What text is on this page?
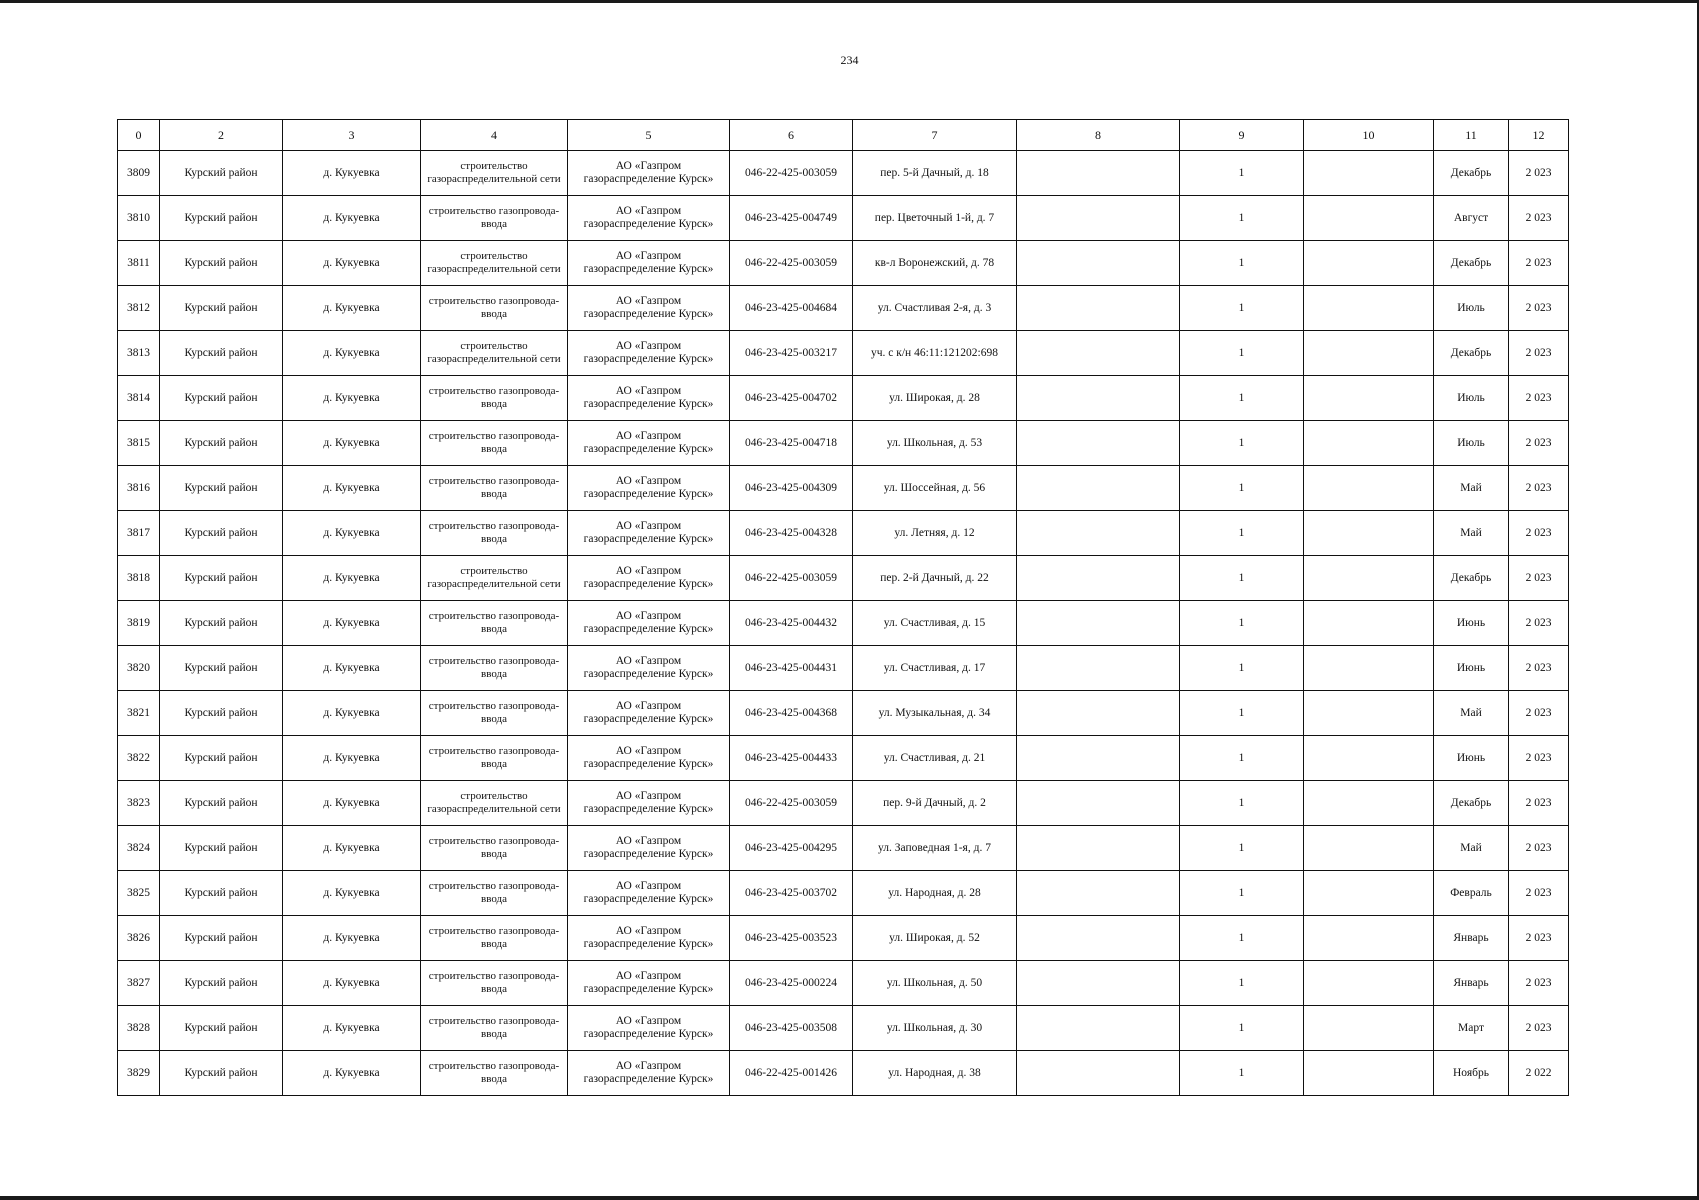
234
0	2	3	4	5	6	7	8	9	10	11	12
3809	Курский район	д. Кукуевка	строительство газораспределительной сети	АО «Газпром газораспределение Курск»	046-22-425-003059	пер. 5-й Дачный, д. 18		1		Декабрь	2 023
3810	Курский район	д. Кукуевка	строительство газопровода-ввода	АО «Газпром газораспределение Курск»	046-23-425-004749	пер. Цветочный 1-й, д. 7		1		Август	2 023
3811	Курский район	д. Кукуевка	строительство газораспределительной сети	АО «Газпром газораспределение Курск»	046-22-425-003059	кв-л Воронежский, д. 78		1		Декабрь	2 023
3812	Курский район	д. Кукуевка	строительство газопровода-ввода	АО «Газпром газораспределение Курск»	046-23-425-004684	ул. Счастливая 2-я, д. 3		1		Июль	2 023
3813	Курский район	д. Кукуевка	строительство газораспределительной сети	АО «Газпром газораспределение Курск»	046-23-425-003217	уч. с к/н 46:11:121202:698		1		Декабрь	2 023
3814	Курский район	д. Кукуевка	строительство газопровода-ввода	АО «Газпром газораспределение Курск»	046-23-425-004702	ул. Широкая, д. 28		1		Июль	2 023
3815	Курский район	д. Кукуевка	строительство газопровода-ввода	АО «Газпром газораспределение Курск»	046-23-425-004718	ул. Школьная, д. 53		1		Июль	2 023
3816	Курский район	д. Кукуевка	строительство газопровода-ввода	АО «Газпром газораспределение Курск»	046-23-425-004309	ул. Шоссейная, д. 56		1		Май	2 023
3817	Курский район	д. Кукуевка	строительство газопровода-ввода	АО «Газпром газораспределение Курск»	046-23-425-004328	ул. Летняя, д. 12		1		Май	2 023
3818	Курский район	д. Кукуевка	строительство газораспределительной сети	АО «Газпром газораспределение Курск»	046-22-425-003059	пер. 2-й Дачный, д. 22		1		Декабрь	2 023
3819	Курский район	д. Кукуевка	строительство газопровода-ввода	АО «Газпром газораспределение Курск»	046-23-425-004432	ул. Счастливая, д. 15		1		Июнь	2 023
3820	Курский район	д. Кукуевка	строительство газопровода-ввода	АО «Газпром газораспределение Курск»	046-23-425-004431	ул. Счастливая, д. 17		1		Июнь	2 023
3821	Курский район	д. Кукуевка	строительство газопровода-ввода	АО «Газпром газораспределение Курск»	046-23-425-004368	ул. Музыкальная, д. 34		1		Май	2 023
3822	Курский район	д. Кукуевка	строительство газопровода-ввода	АО «Газпром газораспределение Курск»	046-23-425-004433	ул. Счастливая, д. 21		1		Июнь	2 023
3823	Курский район	д. Кукуевка	строительство газораспределительной сети	АО «Газпром газораспределение Курск»	046-22-425-003059	пер. 9-й Дачный, д. 2		1		Декабрь	2 023
3824	Курский район	д. Кукуевка	строительство газопровода-ввода	АО «Газпром газораспределение Курск»	046-23-425-004295	ул. Заповедная 1-я, д. 7		1		Май	2 023
3825	Курский район	д. Кукуевка	строительство газопровода-ввода	АО «Газпром газораспределение Курск»	046-23-425-003702	ул. Народная, д. 28		1		Февраль	2 023
3826	Курский район	д. Кукуевка	строительство газопровода-ввода	АО «Газпром газораспределение Курск»	046-23-425-003523	ул. Широкая, д. 52		1		Январь	2 023
3827	Курский район	д. Кукуевка	строительство газопровода-ввода	АО «Газпром газораспределение Курск»	046-23-425-000224	ул. Школьная, д. 50		1		Январь	2 023
3828	Курский район	д. Кукуевка	строительство газопровода-ввода	АО «Газпром газораспределение Курск»	046-23-425-003508	ул. Школьная, д. 30		1		Март	2 023
3829	Курский район	д. Кукуевка	строительство газопровода-ввода	АО «Газпром газораспределение Курск»	046-22-425-001426	ул. Народная, д. 38		1		Ноябрь	2 022
